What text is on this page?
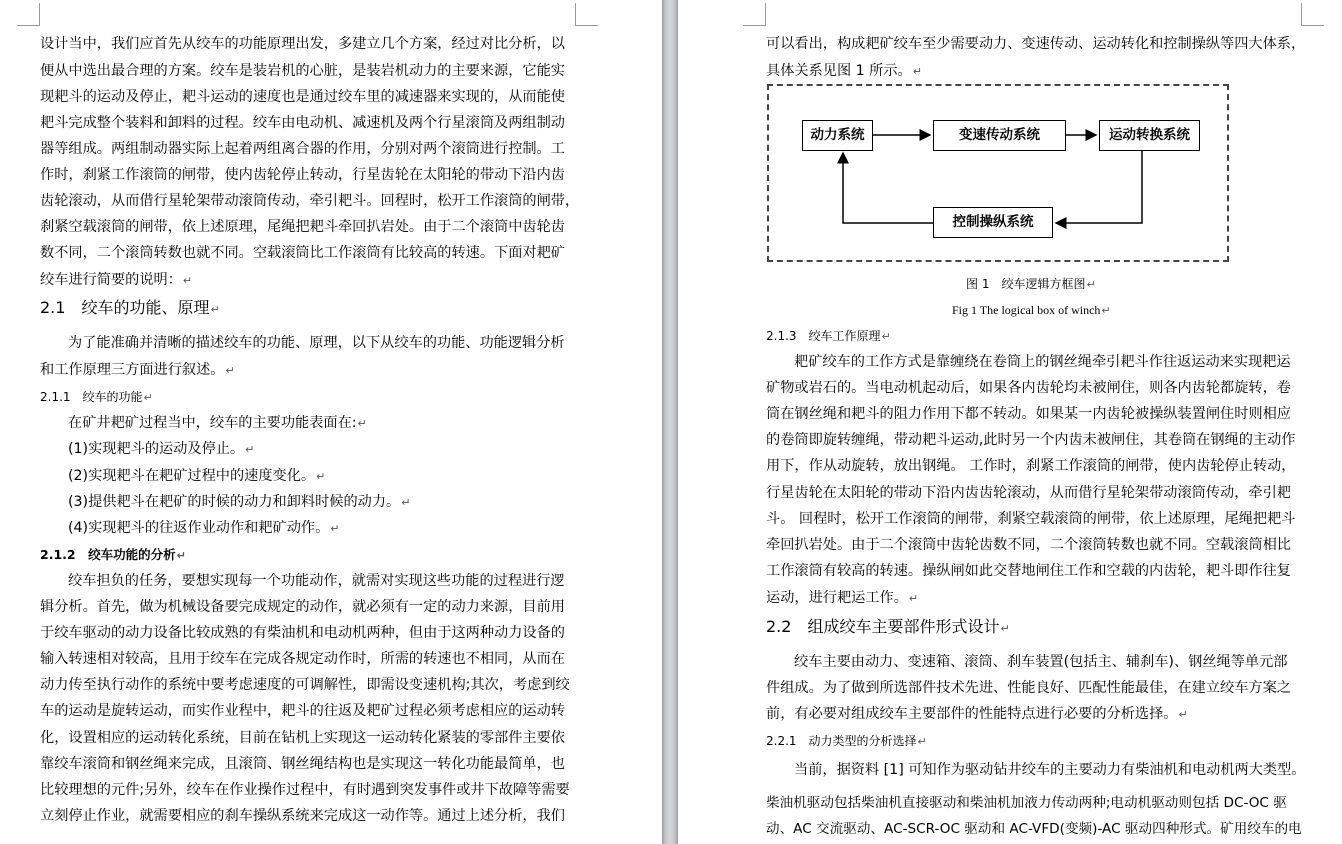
设计当中，我们应首先从绞车的功能原理出发，多建立几个方案，经过对比分析，以
便从中选出最合理的方案。绞车是装岩机的心脏，是装岩机动力的主要来源，它能实
现耙斗的运动及停止，耙斗运动的速度也是通过绞车里的减速器来实现的，从而能使
耙斗完成整个装料和卸料的过程。绞车由电动机、减速机及两个行星滚筒及两组制动
器等组成。两组制动器实际上起着两组离合器的作用，分别对两个滚筒进行控制。工
作时，刹紧工作滚筒的闸带，使内齿轮停止转动，行星齿轮在太阳轮的带动下沿内齿
齿轮滚动，从而借行星轮架带动滚筒传动，牵引耙斗。回程时，松开工作滚筒的闸带，
刹紧空载滚筒的闸带，依上述原理，尾绳把耙斗牵回扒岩处。由于二个滚筒中齿轮齿
数不同，二个滚筒转数也就不同。空载滚筒比工作滚筒有比较高的转速。下面对耙矿
绞车进行简要的说明：↵
2.1　绞车的功能、原理↵
为了能准确并清晰的描述绞车的功能、原理，以下从绞车的功能、功能逻辑分析
和工作原理三方面进行叙述。↵
2.1.1　绞车的功能↵
在矿井耙矿过程当中，绞车的主要功能表面在:↵
(1)实现耙斗的运动及停止。↵
(2)实现耙斗在耙矿过程中的速度变化。↵
(3)提供耙斗在耙矿的时候的动力和卸料时候的动力。↵
(4)实现耙斗的往返作业动作和耙矿动作。↵
2.1.2　绞车功能的分析↵
绞车担负的任务，要想实现每一个功能动作，就需对实现这些功能的过程进行逻
辑分析。首先，做为机械设备要完成规定的动作，就必须有一定的动力来源，目前用
于绞车驱动的动力设备比较成熟的有柴油机和电动机两种，但由于这两种动力设备的
输入转速相对较高，且用于绞车在完成各规定动作时，所需的转速也不相同，从而在
动力传至执行动作的系统中要考虑速度的可调解性，即需设变速机构;其次，考虑到绞
车的运动是旋转运动，而实作业程中，耙斗的往返及耙矿过程必须考虑相应的运动转
化，设置相应的运动转化系统，目前在钻机上实现这一运动转化紧装的零部件主要依
靠绞车滚筒和钢丝绳来完成，且滚筒、钢丝绳结构也是实现这一转化功能最简单，也
比较理想的元件;另外，绞车在作业操作过程中，有时遇到突发事件或井下故障等需要
立刻停止作业，就需要相应的刹车操纵系统来完成这一动作等。通过上述分析，我们
可以看出，构成耙矿绞车至少需要动力、变速传动、运动转化和控制操纵等四大体系，
具体关系见图 1 所示。↵
图 1　绞车逻辑方框图↵
Fig 1 The logical box of winch↵
2.1.3　绞车工作原理↵
耙矿绞车的工作方式是靠缠绕在卷筒上的钢丝绳牵引耙斗作往返运动来实现耙运
矿物或岩石的。当电动机起动后，如果各内齿轮均未被闸住，则各内齿轮都旋转，卷
筒在钢丝绳和耙斗的阻力作用下都不转动。如果某一内齿轮被操纵装置闸住时则相应
的卷筒即旋转缠绳，带动耙斗运动,此时另一个内齿未被闸住，其卷筒在钢绳的主动作
用下，作从动旋转，放出钢绳。 工作时，刹紧工作滚筒的闸带，使内齿轮停止转动，
行星齿轮在太阳轮的带动下沿内齿齿轮滚动，从而借行星轮架带动滚筒传动，牵引耙
斗。 回程时，松开工作滚筒的闸带，刹紧空载滚筒的闸带，依上述原理，尾绳把耙斗
牵回扒岩处。由于二个滚筒中齿轮齿数不同，二个滚筒转数也就不同。空载滚筒相比
工作滚筒有较高的转速。操纵闸如此交替地闸住工作和空载的内齿轮，耙斗即作往复
运动，进行耙运工作。↵
2.2　组成绞车主要部件形式设计↵
绞车主要由动力、变速箱、滚筒、刹车装置(包括主、辅刹车)、钢丝绳等单元部
件组成。为了做到所选部件技术先进、性能良好、匹配性能最佳，在建立绞车方案之
前，有必要对组成绞车主要部件的性能特点进行必要的分析选择。↵
2.2.1　动力类型的分析选择↵
当前，据资料 [1] 可知作为驱动钻井绞车的主要动力有柴油机和电动机两大类型。
柴油机驱动包括柴油机直接驱动和柴油机加液力传动两种;电动机驱动则包括 DC-OC 驱
动、AC 交流驱动、AC-SCR-OC 驱动和 AC-VFD(变频)-AC 驱动四种形式。矿用绞车的电
动力系统	变速传动系统	运动转换系统
控制操纵系统
